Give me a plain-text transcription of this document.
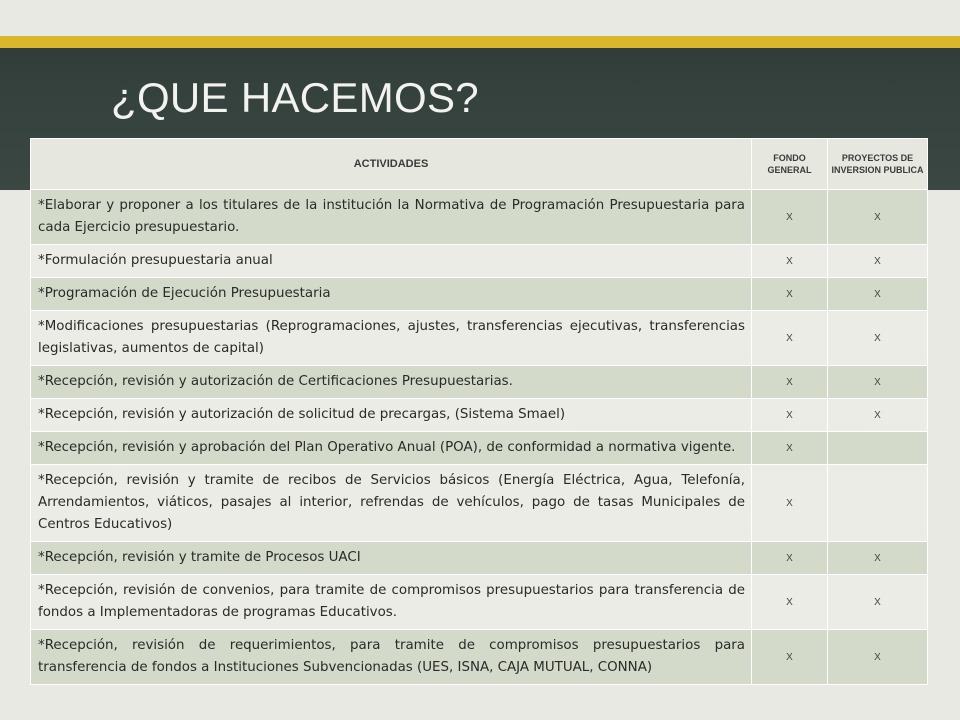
¿QUE HACEMOS?
ACTIVIDADES	FONDO GENERAL	PROYECTOS DE INVERSION PUBLICA
*Elaborar y proponer a los titulares de la institución la Normativa de Programación Presupuestaria para cada Ejercicio presupuestario.	X	X
*Formulación presupuestaria anual	X	X
*Programación de Ejecución Presupuestaria	X	X
*Modificaciones presupuestarias (Reprogramaciones, ajustes, transferencias ejecutivas, transferencias legislativas, aumentos de capital)	X	X
*Recepción, revisión y autorización de Certificaciones Presupuestarias.	X	X
*Recepción, revisión y autorización de solicitud de precargas, (Sistema Smael)	X	X
*Recepción, revisión y aprobación del Plan Operativo Anual (POA), de conformidad a normativa vigente.	X	
*Recepción, revisión y tramite de recibos de Servicios básicos (Energía Eléctrica, Agua, Telefonía, Arrendamientos, viáticos, pasajes al interior, refrendas de vehículos, pago de tasas Municipales de Centros Educativos)	X	
*Recepción, revisión y tramite de Procesos UACI	X	X
*Recepción, revisión de convenios, para tramite de compromisos presupuestarios para transferencia de fondos a Implementadoras de programas Educativos.	X	X
*Recepción, revisión de requerimientos, para tramite de compromisos presupuestarios para transferencia de fondos a Instituciones Subvencionadas (UES, ISNA, CAJA MUTUAL, CONNA)	X	X
